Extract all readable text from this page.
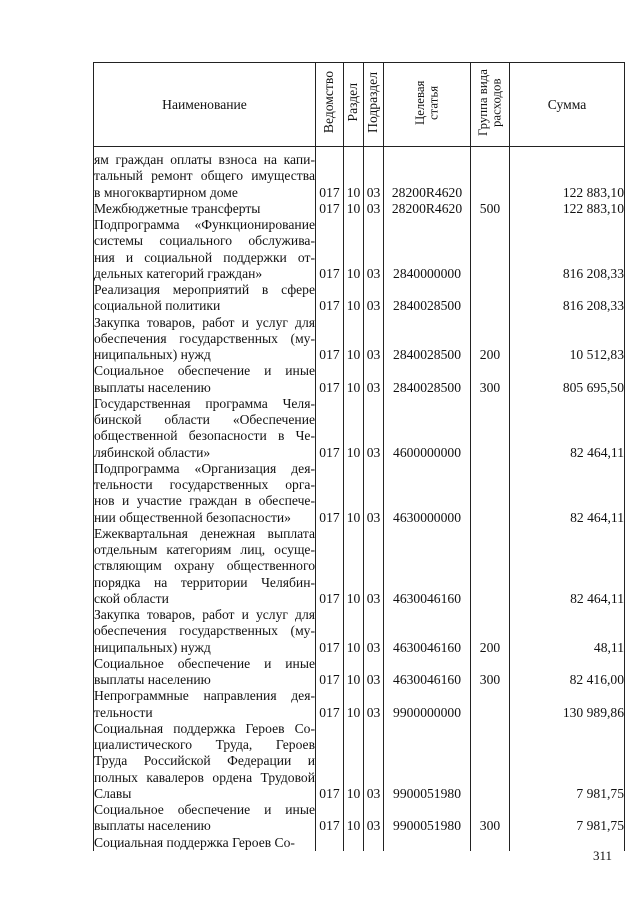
Наименование	Ведомство	Раздел	Подраздел	Целевая статья	Группа вида расходов	Сумма

ям граждан оплаты взноса на капи-
тальный ремонт общего имущества
в многоквартирном доме	017	10	03	28200R4620		122 883,10

Межбюджетные трансферты	017	10	03	28200R4620	500	122 883,10

Подпрограмма «Функционирование
системы социального обслужива-
ния и социальной поддержки от-
дельных категорий граждан»	017	10	03	2840000000		816 208,33

Реализация мероприятий в сфере
социальной политики	017	10	03	2840028500		816 208,33

Закупка товаров, работ и услуг для
обеспечения государственных (му-
ниципальных) нужд	017	10	03	2840028500	200	10 512,83

Социальное обеспечение и иные
выплаты населению	017	10	03	2840028500	300	805 695,50

Государственная программа Челя-
бинской области «Обеспечение
общественной безопасности в Че-
лябинской области»	017	10	03	4600000000		82 464,11

Подпрограмма «Организация дея-
тельности государственных орга-
нов и участие граждан в обеспече-
нии общественной безопасности»	017	10	03	4630000000		82 464,11

Ежеквартальная денежная выплата
отдельным категориям лиц, осуще-
ствляющим охрану общественного
порядка на территории Челябин-
ской области	017	10	03	4630046160		82 464,11

Закупка товаров, работ и услуг для
обеспечения государственных (му-
ниципальных) нужд	017	10	03	4630046160	200	48,11

Социальное обеспечение и иные
выплаты населению	017	10	03	4630046160	300	82 416,00

Непрограммные направления дея-
тельности	017	10	03	9900000000		130 989,86

Социальная поддержка Героев Со-
циалистического Труда, Героев
Труда Российской Федерации и
полных кавалеров ордена Трудовой
Славы	017	10	03	9900051980		7 981,75

Социальное обеспечение и иные
выплаты населению	017	10	03	9900051980	300	7 981,75

Социальная поддержка Героев Со-						

311
